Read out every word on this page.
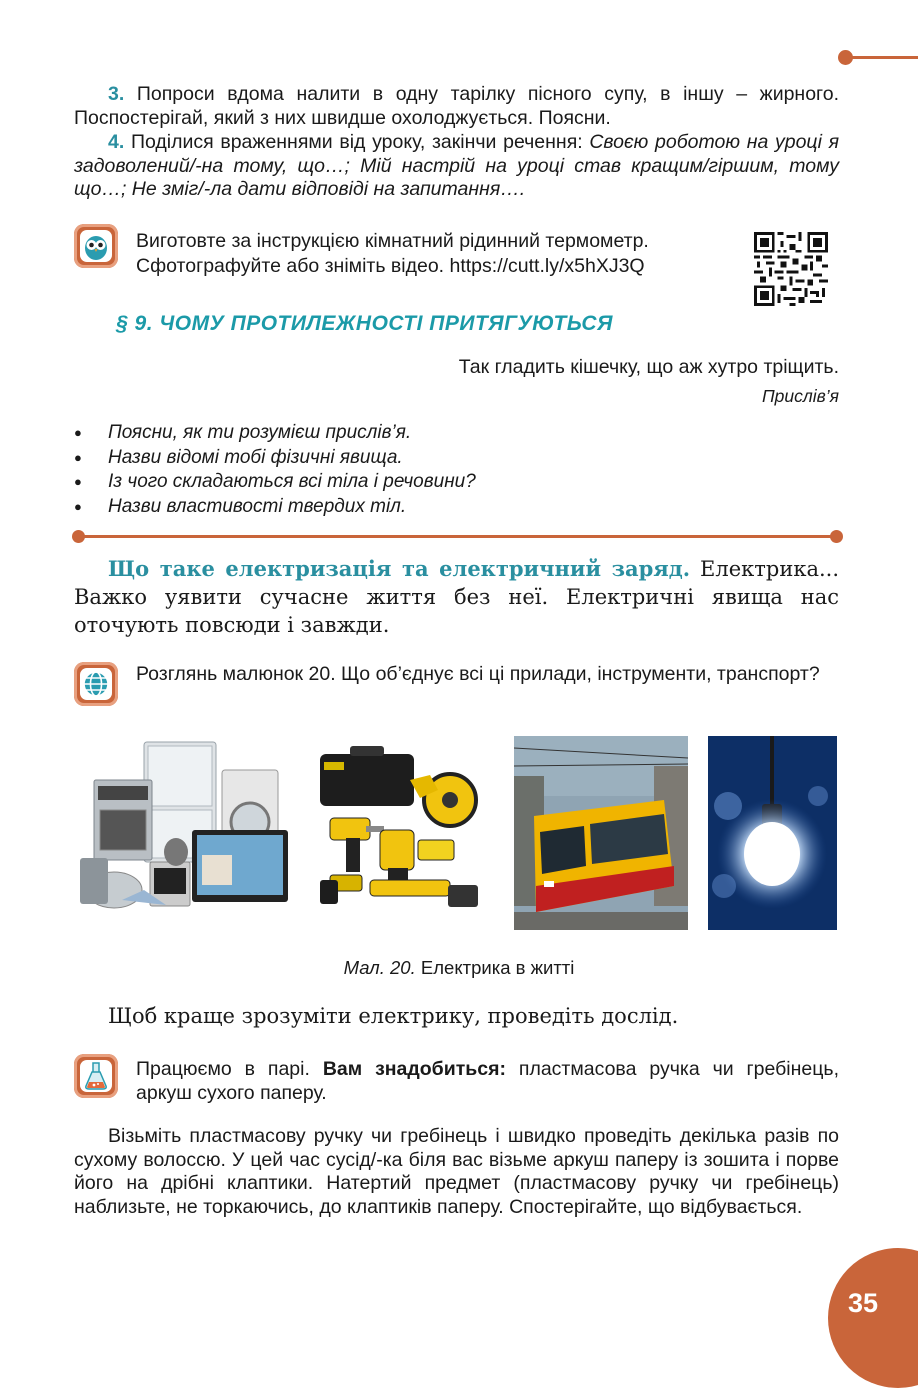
3. Попроси вдома налити в одну тарілку пісного супу, в іншу – жирного. Поспостерігай, який з них швидше охолоджується. Поясни.
4. Поділися враженнями від уроку, закінчи речення: Своєю роботою на уроці я задоволений/-на тому, що…; Мій настрій на уроці став кращим/гіршим, тому що…; Не зміг/-ла дати відповіді на запитання….
Виготовте за інструкцією кімнатний рідинний термометр. Сфотографуйте або зніміть відео. https://cutt.ly/x5hXJ3Q
§ 9. ЧОМУ ПРОТИЛЕЖНОСТІ ПРИТЯГУЮТЬСЯ
Так гладить кішечку, що аж хутро тріщить.
Прислів’я
● Поясни, як ти розумієш прислів’я.
● Назви відомі тобі фізичні явища.
● Із чого складаються всі тіла і речовини?
● Назви властивості твердих тіл.
Що таке електризація та електричний заряд. Електрика... Важко уявити сучасне життя без неї. Електричні явища нас оточують повсюди і завжди.
Розглянь малюнок 20. Що об’єднує всі ці прилади, інструменти, транспорт?
Мал. 20. Електрика в житті
Щоб краще зрозуміти електрику, проведіть дослід.
Працюємо в парі. Вам знадобиться: пластмасова ручка чи гребінець, аркуш сухого паперу.
Візьміть пластмасову ручку чи гребінець і швидко проведіть декілька разів по сухому волоссю. У цей час сусід/-ка біля вас візьме аркуш паперу із зошита і порве його на дрібні клаптики. Натертий предмет (пластмасову ручку чи гребінець) наблизьте, не торкаючись, до клаптиків паперу. Спостерігайте, що відбувається.
35
